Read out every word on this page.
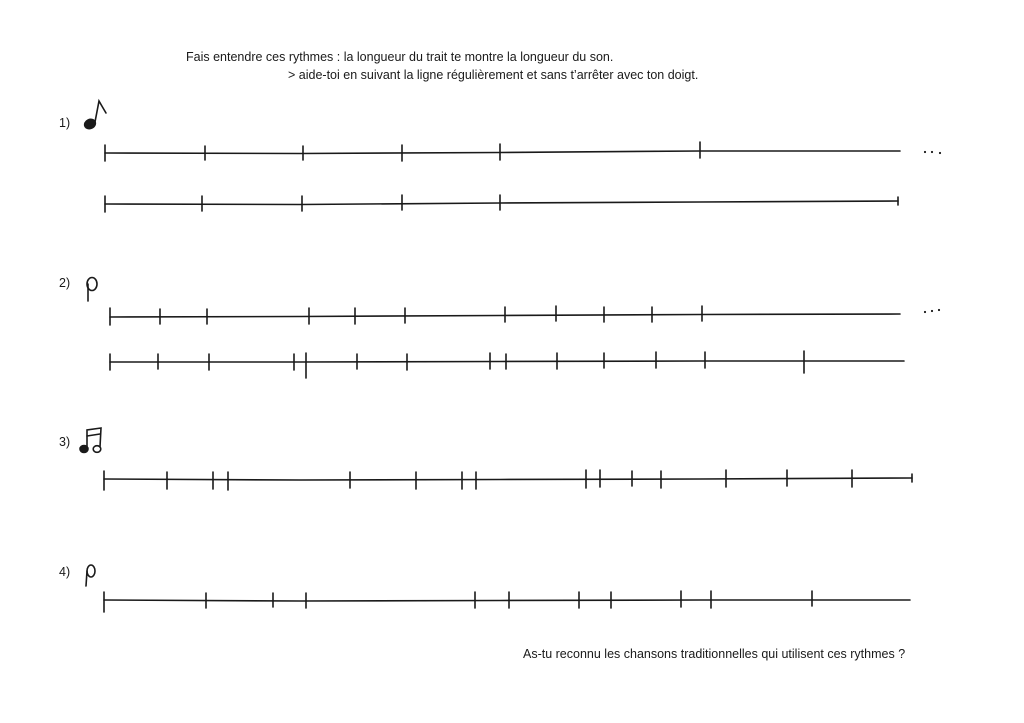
Fais entendre ces rythmes : la longueur du trait te montre la longueur du son.
> aide-toi en suivant la ligne régulièrement et sans t’arrêter avec ton doigt.
1)
2)
3)
4)
As-tu reconnu les chansons traditionnelles qui utilisent ces rythmes ?
